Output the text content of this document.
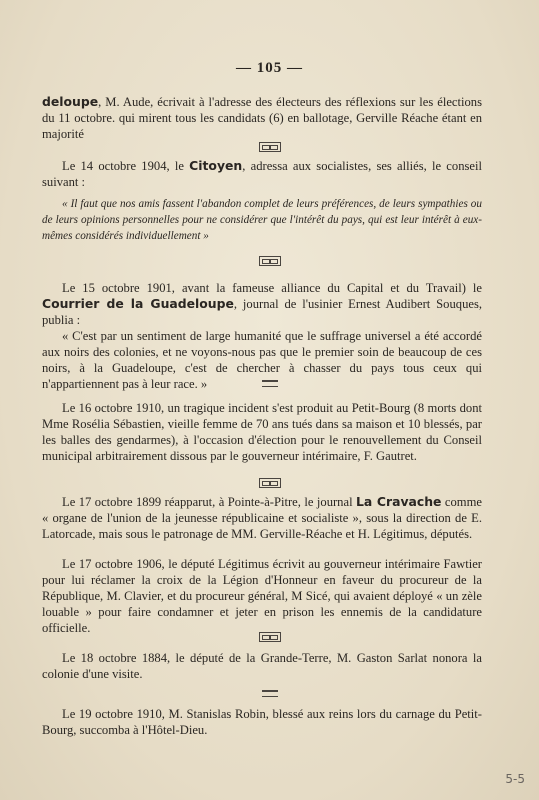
— 105 —

deloupe, M. Aude, écrivait à l'adresse des électeurs des réflexions sur les élections du 11 octobre. qui mirent tous les candidats (6) en ballotage, Gerville Réache étant en majorité

Le 14 octobre 1904, le Citoyen, adressa aux socialistes, ses alliés, le conseil suivant :

« Il faut que nos amis fassent l'abandon complet de leurs préférences, de leurs sympathies ou de leurs opinions personnelles pour ne considérer que l'intérêt du pays, qui est leur intérêt à eux-mêmes considérés individuellement »

Le 15 octobre 1901, avant la fameuse alliance du Capital et du Travail) le Courrier de la Guadeloupe, journal de l'usinier Ernest Audibert Souques, publia :

« C'est par un sentiment de large humanité que le suffrage universel a été accordé aux noirs des colonies, et ne voyons-nous pas que le premier soin de beaucoup de ces noirs, à la Guadeloupe, c'est de chercher à chasser du pays tous ceux qui n'appartiennent pas à leur race. »

Le 16 octobre 1910, un tragique incident s'est produit au Petit-Bourg (8 morts dont Mme Rosélia Sébastien, vieille femme de 70 ans tués dans sa maison et 10 blessés, par les balles des gendarmes), à l'occasion d'élection pour le renouvellement du Conseil municipal arbitrairement dissous par le gouverneur intérimaire, F. Gautret.

Le 17 octobre 1899 réapparut, à Pointe-à-Pitre, le journal La Cravache comme « organe de l'union de la jeunesse républicaine et socialiste », sous la direction de E. Latorcade, mais sous le patronage de MM. Gerville-Réache et H. Légitimus, députés.

Le 17 octobre 1906, le député Légitimus écrivit au gouverneur intérimaire Fawtier pour lui réclamer la croix de la Légion d'Honneur en faveur du procureur de la République, M. Clavier, et du procureur général, M Sicé, qui avaient déployé « un zèle louable » pour faire condamner et jeter en prison les ennemis de la candidature officielle.

Le 18 octobre 1884, le député de la Grande-Terre, M. Gaston Sarlat nonora la colonie d'une visite.

Le 19 octobre 1910, M. Stanislas Robin, blessé aux reins lors du carnage du Petit-Bourg, succomba à l'Hôtel-Dieu.

5-5
